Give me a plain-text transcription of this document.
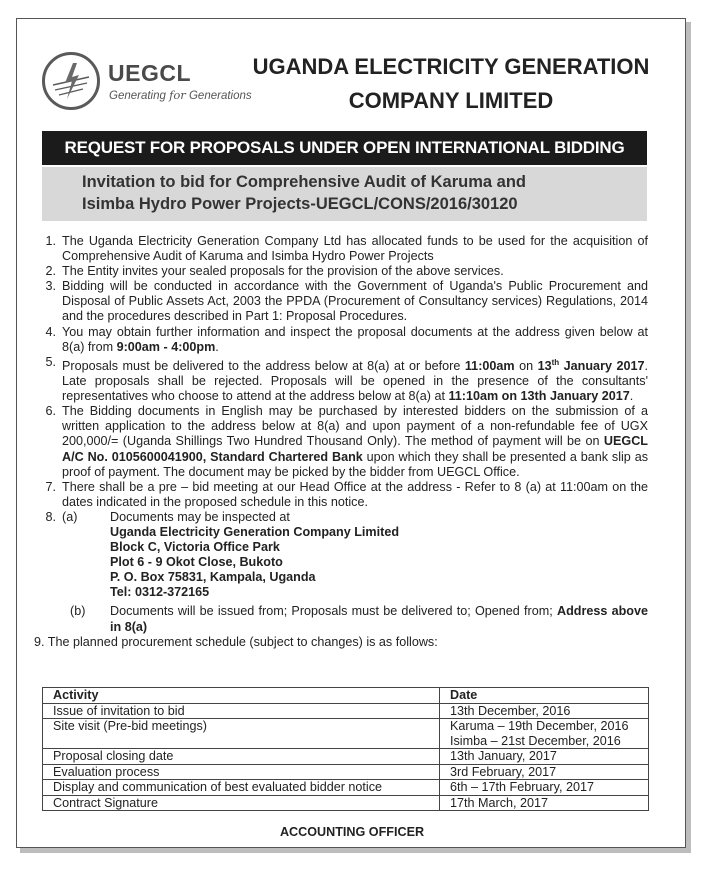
UEGCL
Generating for Generations
UGANDA ELECTRICITY GENERATION
COMPANY LIMITED
REQUEST FOR PROPOSALS UNDER OPEN INTERNATIONAL BIDDING
Invitation to bid for Comprehensive Audit of Karuma and
Isimba Hydro Power Projects-UEGCL/CONS/2016/30120
1. The Uganda Electricity Generation Company Ltd has allocated funds to be used for the acquisition of Comprehensive Audit of Karuma and Isimba Hydro Power Projects
2. The Entity invites your sealed proposals for the provision of the above services.
3. Bidding will be conducted in accordance with the Government of Uganda's Public Procurement and Disposal of Public Assets Act, 2003 the PPDA (Procurement of Consultancy services) Regulations, 2014 and the procedures described in Part 1: Proposal Procedures.
4. You may obtain further information and inspect the proposal documents at the address given below at 8(a) from 9:00am - 4:00pm.
5. Proposals must be delivered to the address below at 8(a) at or before 11:00am on 13th January 2017. Late proposals shall be rejected. Proposals will be opened in the presence of the consultants' representatives who choose to attend at the address below at 8(a) at 11:10am on 13th January 2017.
6. The Bidding documents in English may be purchased by interested bidders on the submission of a written application to the address below at 8(a) and upon payment of a non-refundable fee of UGX 200,000/= (Uganda Shillings Two Hundred Thousand Only). The method of payment will be on UEGCL A/C No. 0105600041900, Standard Chartered Bank upon which they shall be presented a bank slip as proof of payment. The document may be picked by the bidder from UEGCL Office.
7. There shall be a pre – bid meeting at our Head Office at the address - Refer to 8 (a) at 11:00am on the dates indicated in the proposed schedule in this notice.
8. (a)	Documents may be inspected at
Uganda Electricity Generation Company Limited
Block C, Victoria Office Park
Plot 6 - 9 Okot Close, Bukoto
P. O. Box 75831, Kampala, Uganda
Tel: 0312-372165
(b) Documents will be issued from; Proposals must be delivered to; Opened from; Address above in 8(a)
9. The planned procurement schedule (subject to changes) is as follows:
Activity	Date
Issue of invitation to bid	13th December, 2016
Site visit (Pre-bid meetings)	Karuma – 19th December, 2016
Isimba – 21st December, 2016

Proposal closing date	13th January, 2017
Evaluation process	3rd February, 2017
Display and communication of best evaluated bidder notice	6th – 17th February, 2017
Contract Signature	17th March, 2017
ACCOUNTING OFFICER
